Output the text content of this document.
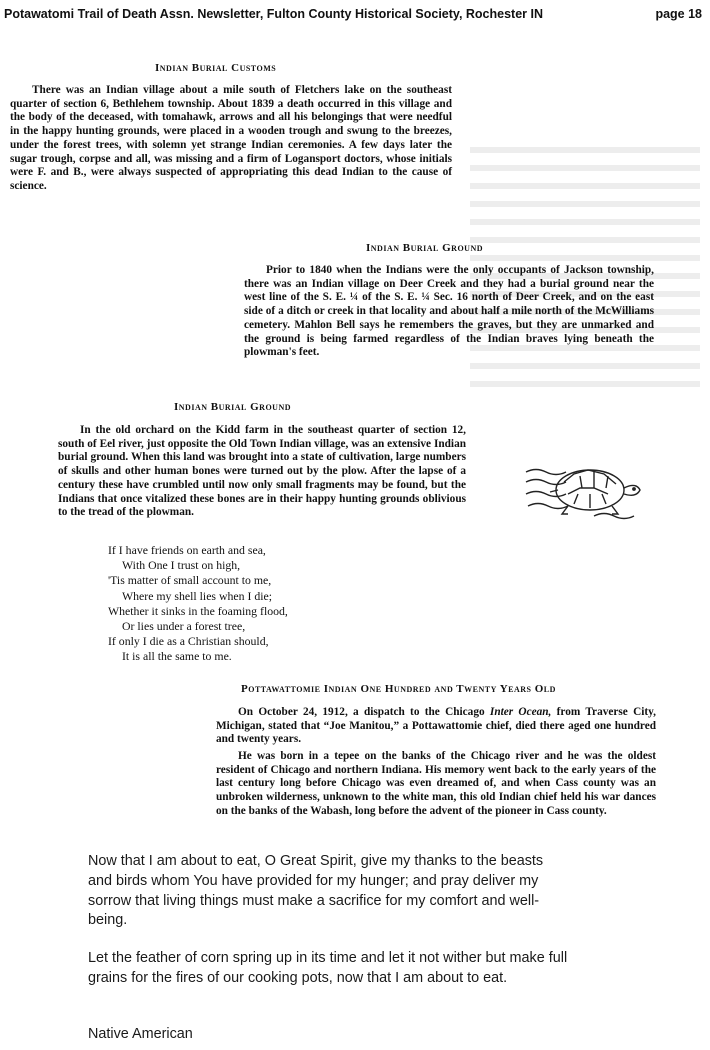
Potawatomi Trail of Death Assn. Newsletter, Fulton County Historical Society, Rochester IN	page 18
Indian Burial Customs
There was an Indian village about a mile south of Fletchers lake on the southeast quarter of section 6, Bethlehem township. About 1839 a death occurred in this village and the body of the deceased, with tomahawk, arrows and all his belongings that were needful in the happy hunting grounds, were placed in a wooden trough and swung to the breezes, under the forest trees, with solemn yet strange Indian ceremonies. A few days later the sugar trough, corpse and all, was missing and a firm of Logansport doctors, whose initials were F. and B., were always suspected of appropriating this dead Indian to the cause of science.
Indian Burial Ground
Prior to 1840 when the Indians were the only occupants of Jackson township, there was an Indian village on Deer Creek and they had a burial ground near the west line of the S. E. ¼ of the S. E. ¼ Sec. 16 north of Deer Creek, and on the east side of a ditch or creek in that locality and about half a mile north of the McWilliams cemetery. Mahlon Bell says he remembers the graves, but they are unmarked and the ground is being farmed regardless of the Indian braves lying beneath the plowman's feet.
Indian Burial Ground
In the old orchard on the Kidd farm in the southeast quarter of section 12, south of Eel river, just opposite the Old Town Indian village, was an extensive Indian burial ground. When this land was brought into a state of cultivation, large numbers of skulls and other human bones were turned out by the plow. After the lapse of a century these have crumbled until now only small fragments may be found, but the Indians that once vitalized these bones are in their happy hunting grounds oblivious to the tread of the plowman.
If I have friends on earth and sea,
With One I trust on high,
'Tis matter of small account to me,
Where my shell lies when I die;
Whether it sinks in the foaming flood,
Or lies under a forest tree,
If only I die as a Christian should,
It is all the same to me.
Pottawattomie Indian One Hundred and Twenty Years Old
On October 24, 1912, a dispatch to the Chicago Inter Ocean, from Traverse City, Michigan, stated that “Joe Manitou,” a Pottawattomie chief, died there aged one hundred and twenty years.
He was born in a tepee on the banks of the Chicago river and he was the oldest resident of Chicago and northern Indiana. His memory went back to the early years of the last century long before Chicago was even dreamed of, and when Cass county was an unbroken wilderness, unknown to the white man, this old Indian chief held his war dances on the banks of the Wabash, long before the advent of the pioneer in Cass county.
Now that I am about to eat, O Great Spirit, give my thanks to the beasts and birds whom You have provided for my hunger; and pray deliver my sorrow that living things must make a sacrifice for my comfort and well-being.
Let the feather of corn spring up in its time and let it not wither but make full grains for the fires of our cooking pots, now that I am about to eat.
Native American
